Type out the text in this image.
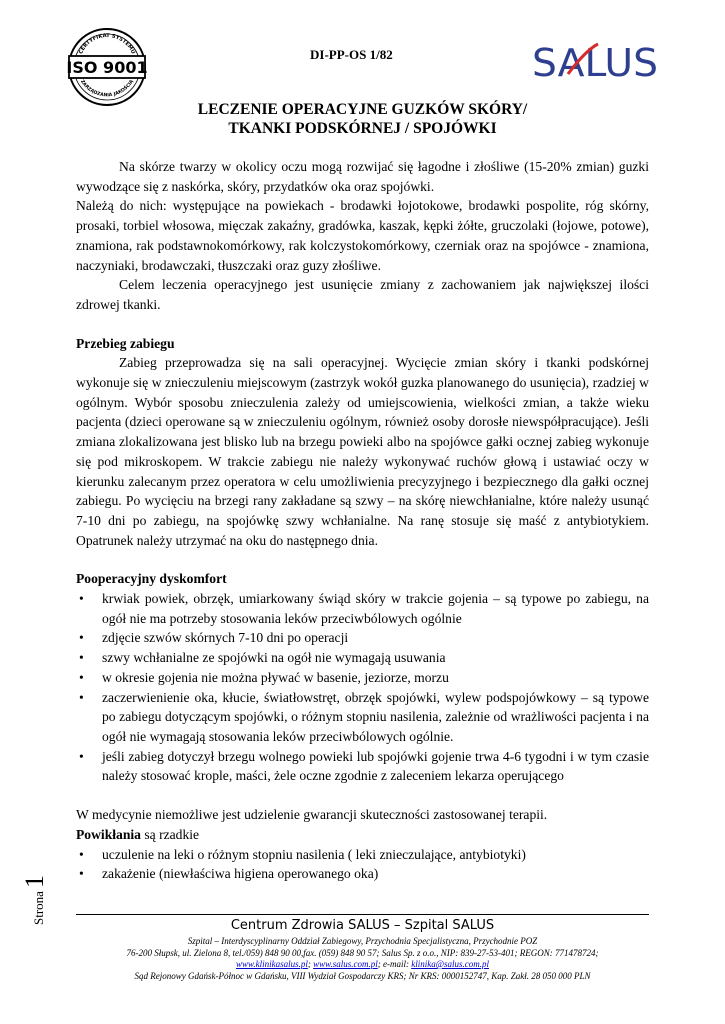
CERTYFIKAT SYSTEMU
ISO 9001
ZARZĄDZANIA JAKOŚCIĄ
DI-PP-OS 1/82	SALUS
LECZENIE OPERACYJNE GUZKÓW SKÓRY/
TKANKI PODSKÓRNEJ / SPOJÓWKI

Na skórze twarzy w okolicy oczu mogą rozwijać się łagodne i złośliwe (15-20% zmian) guzki wywodzące się z naskórka, skóry, przydatków oka oraz spojówki.

Należą do nich: występujące na powiekach - brodawki łojotokowe, brodawki pospolite, róg skórny, prosaki, torbiel włosowa, mięczak zakaźny, gradówka, kaszak, kępki żółte, gruczolaki (łojowe, potowe), znamiona, rak podstawnokomórkowy, rak kolczystokomórkowy, czerniak oraz na spojówce - znamiona, naczyniaki, brodawczaki, tłuszczaki oraz guzy złośliwe.

Celem leczenia operacyjnego jest usunięcie zmiany z zachowaniem jak największej ilości zdrowej tkanki.

Przebieg zabiegu

Zabieg przeprowadza się na sali operacyjnej. Wycięcie zmian skóry i tkanki podskórnej wykonuje się w znieczuleniu miejscowym (zastrzyk wokół guzka planowanego do usunięcia), rzadziej w ogólnym. Wybór sposobu znieczulenia zależy od umiejscowienia, wielkości zmian, a także wieku pacjenta (dzieci operowane są w znieczuleniu ogólnym, również osoby dorosłe niewspółpracujące). Jeśli zmiana zlokalizowana jest blisko lub na brzegu powieki albo na spojówce gałki ocznej zabieg wykonuje się pod mikroskopem. W trakcie zabiegu nie należy wykonywać ruchów głową i ustawiać oczy w kierunku zalecanym przez operatora w celu umożliwienia precyzyjnego i bezpiecznego dla gałki ocznej zabiegu. Po wycięciu na brzegi rany zakładane są szwy – na skórę niewchłanialne, które należy usunąć 7-10 dni po zabiegu, na spojówkę szwy wchłanialne. Na ranę stosuje się maść z antybiotykiem. Opatrunek należy utrzymać na oku do następnego dnia.

Pooperacyjny dyskomfort

• krwiak powiek, obrzęk, umiarkowany świąd skóry w trakcie gojenia – są typowe po zabiegu, na ogół nie ma potrzeby stosowania leków przeciwbólowych ogólnie
• zdjęcie szwów skórnych 7-10 dni po operacji
• szwy wchłanialne ze spojówki na ogół nie wymagają usuwania
• w okresie gojenia nie można pływać w basenie, jeziorze, morzu
• zaczerwienienie oka, kłucie, światłowstręt, obrzęk spojówki, wylew podspojówkowy – są typowe po zabiegu dotyczącym spojówki, o różnym stopniu nasilenia, zależnie od wrażliwości pacjenta i na ogół nie wymagają stosowania leków przeciwbólowych ogólnie.
• jeśli zabieg dotyczył brzegu wolnego powieki lub spojówki gojenie trwa 4-6 tygodni i w tym czasie należy stosować krople, maści, żele oczne zgodnie z zaleceniem lekarza operującego

W medycynie niemożliwe jest udzielenie gwarancji skuteczności zastosowanej terapii.

Powikłania są rzadkie

• uczulenie na leki o różnym stopniu nasilenia ( leki znieczulające, antybiotyki)
• zakażenie (niewłaściwa higiena operowanego oka)
Strona
1
Centrum Zdrowia SALUS – Szpital SALUS
Szpital – Interdyscyplinarny Oddział Zabiegowy, Przychodnia Specjalistyczna, Przychodnie POZ
76-200 Słupsk, ul. Zielona 8, tel./059) 848 90 00,fax. (059) 848 90 57; Salus Sp. z o.o., NIP: 839-27-53-401; REGON: 771478724;
www.klinikasalus.pl; www.salus.com.pl; e-mail: klinika@salus.com.pl
Sąd Rejonowy Gdańsk-Północ w Gdańsku, VIII Wydział Gospodarczy KRS; Nr KRS: 0000152747, Kap. Zakł. 28 050 000 PLN
